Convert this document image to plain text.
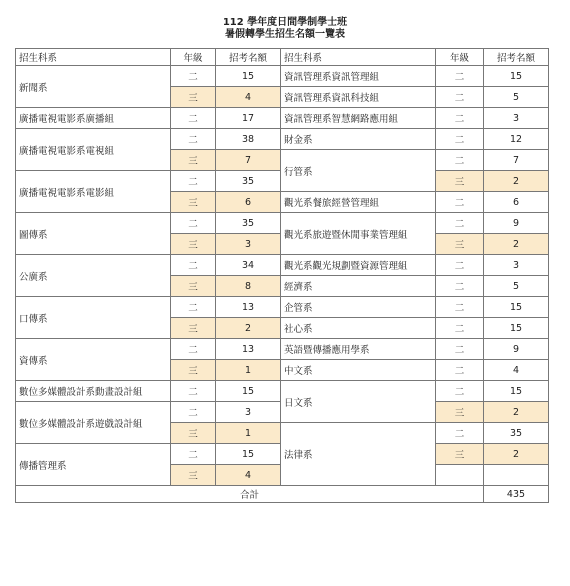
112 學年度日間學制學士班
暑假轉學生招生名額一覽表
招生科系	年級	招考名額	招生科系	年級	招考名額
新聞系	二	15	資訊管理系資訊管理組	二	15
	三	4	資訊管理系資訊科技組	二	5
廣播電視電影系廣播組	二	17	資訊管理系智慧網路應用組	二	3

廣播電視電影系電視組	二	38	財金系	二	12
	三	7	行管系	二	7
廣播電視電影系電影組	二	35		三	2
	三	6	觀光系餐旅經營管理組	二	6
圖傳系	二	35	觀光系旅遊暨休閒事業管理組	二	9
	三	3		三	2
公廣系	二	34	觀光系觀光規劃暨資源管理組	二	3

	三	8	經濟系	二	5
口傳系	二	13	企管系	二	15
	三	2	社心系	二	15
資傳系	二	13	英語暨傳播應用學系	二	9
	三	1	中文系	二	4
數位多媒體設計系動畫設計組	二	15	日文系	二	15

數位多媒體設計系遊戲設計組	二	3		三	2
	三	1	法律系	二	35
傳播管理系	二	15		三	2
	三	4			
合計					435
